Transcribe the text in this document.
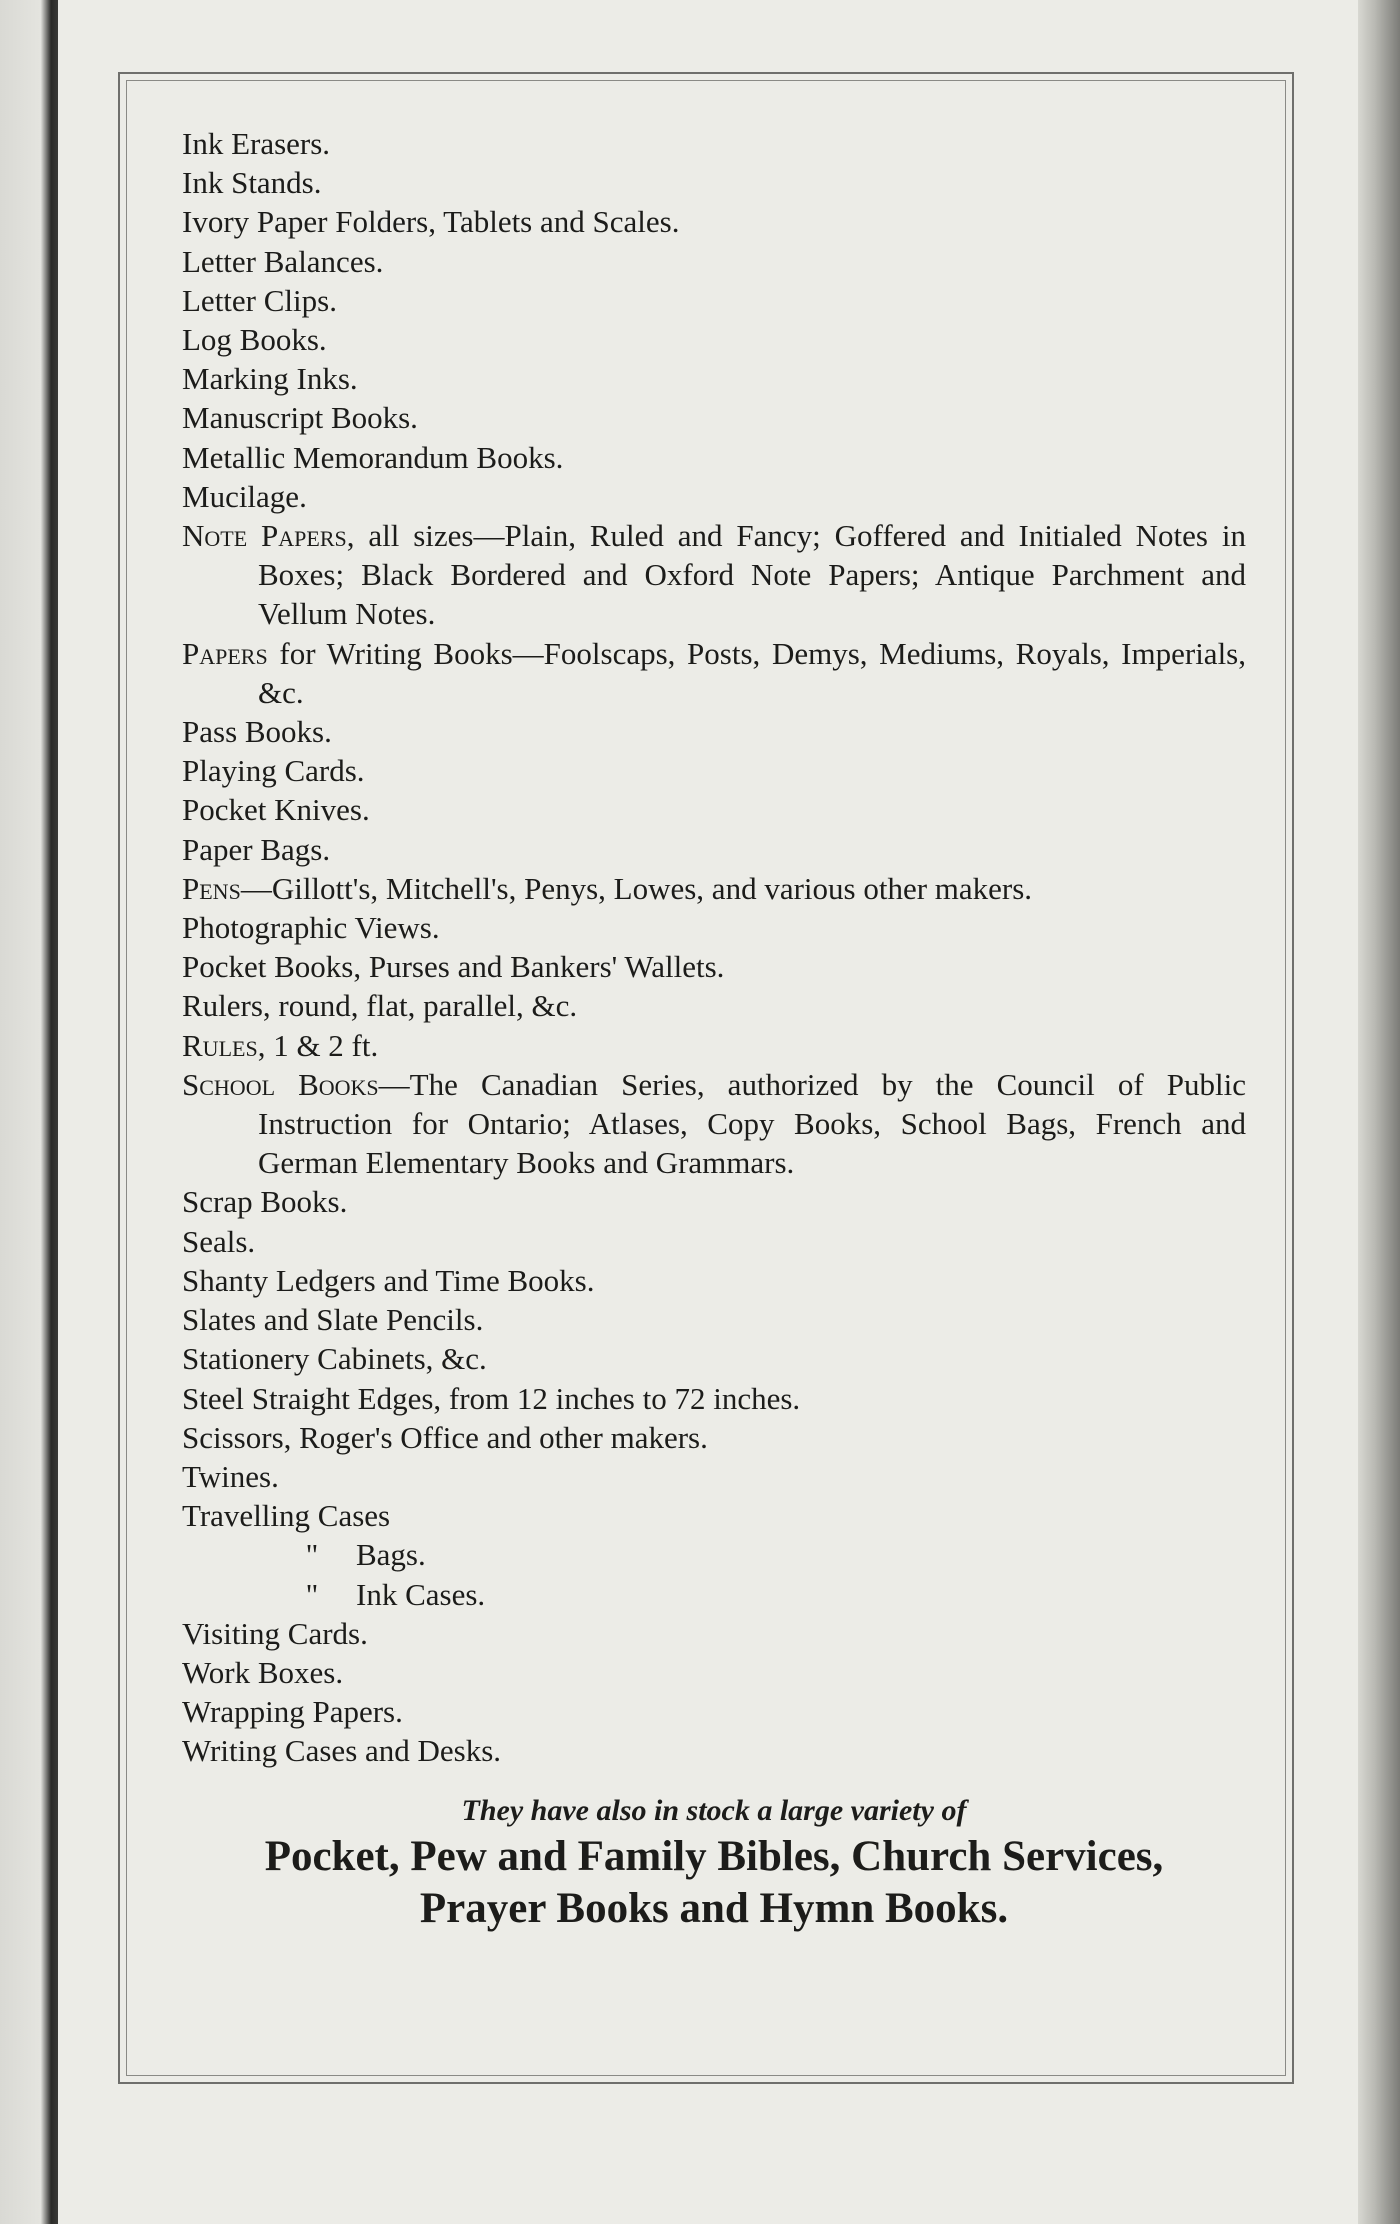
Ink Erasers.
Ink Stands.
Ivory Paper Folders, Tablets and Scales.
Letter Balances.
Letter Clips.
Log Books.
Marking Inks.
Manuscript Books.
Metallic Memorandum Books.
Mucilage.
Note Papers, all sizes—Plain, Ruled and Fancy; Goffered and Initialed Notes in Boxes; Black Bordered and Oxford Note Papers; Antique Parchment and Vellum Notes.
Papers for Writing Books—Foolscaps, Posts, Demys, Mediums, Royals, Imperials, &c.
Pass Books.
Playing Cards.
Pocket Knives.
Paper Bags.
Pens—Gillott's, Mitchell's, Penys, Lowes, and various other makers.
Photographic Views.
Pocket Books, Purses and Bankers' Wallets.
Rulers, round, flat, parallel, &c.
Rules, 1 & 2 ft.
School Books—The Canadian Series, authorized by the Council of Public Instruction for Ontario; Atlases, Copy Books, School Bags, French and German Elementary Books and Grammars.
Scrap Books.
Seals.
Shanty Ledgers and Time Books.
Slates and Slate Pencils.
Stationery Cabinets, &c.
Steel Straight Edges, from 12 inches to 72 inches.
Scissors, Roger's Office and other makers.
Twines.
Travelling Cases
" Bags.
" Ink Cases.
Visiting Cards.
Work Boxes.
Wrapping Papers.
Writing Cases and Desks.
They have also in stock a large variety of
Pocket, Pew and Family Bibles, Church Services,
Prayer Books and Hymn Books.
